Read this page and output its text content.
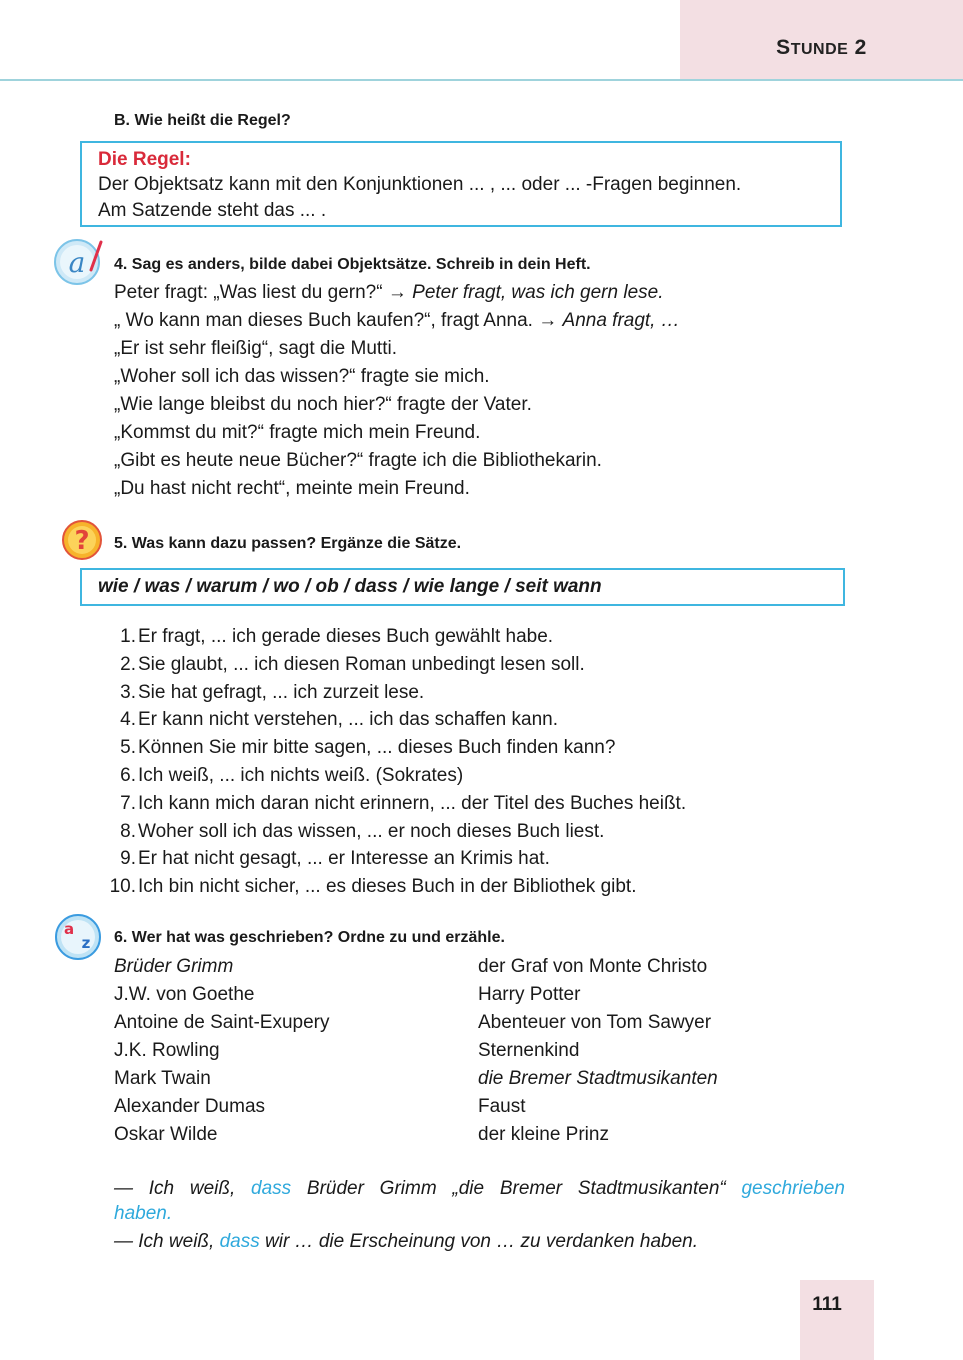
STUNDE 2
B. Wie heißt die Regel?
Die Regel:
Der Objektsatz kann mit den Konjunktionen ... , ... oder ... -Fragen beginnen.
Am Satzende steht das ... .
a 4. Sag es anders, bilde dabei Objektsätze. Schreib in dein Heft.
Peter fragt: „Was liest du gern?“ → Peter fragt, was ich gern lese.
„ Wo kann man dieses Buch kaufen?“, fragt Anna. → Anna fragt, …
„Er ist sehr fleißig“, sagt die Mutti.
„Woher soll ich das wissen?“ fragte sie mich.
„Wie lange bleibst du noch hier?“ fragte der Vater.
„Kommst du mit?“ fragte mich mein Freund.
„Gibt es heute neue Bücher?“ fragte ich die Bibliothekarin.
„Du hast nicht recht“, meinte mein Freund.
? 5. Was kann dazu passen? Ergänze die Sätze.
wie / was / warum / wo / ob / dass / wie lange / seit wann
1. Er fragt, ... ich gerade dieses Buch gewählt habe.
2. Sie glaubt, ... ich diesen Roman unbedingt lesen soll.
3. Sie hat gefragt, ... ich zurzeit lese.
4. Er kann nicht verstehen, ... ich das schaffen kann.
5. Können Sie mir bitte sagen, ... dieses Buch finden kann?
6. Ich weiß, ... ich nichts weiß. (Sokrates)
7. Ich kann mich daran nicht erinnern, ... der Titel des Buches heißt.
8. Woher soll ich das wissen, ... er noch dieses Buch liest.
9. Er hat nicht gesagt, ... er Interesse an Krimis hat.
10. Ich bin nicht sicher, ... es dieses Buch in der Bibliothek gibt.
a
z 6. Wer hat was geschrieben? Ordne zu und erzähle.
Brüder Grimm
J.W. von Goethe
Antoine de Saint-Exupery
J.K. Rowling
Mark Twain
Alexander Dumas
Oskar Wilde
der Graf von Monte Christo
Harry Potter
Abenteuer von Tom Sawyer
Sternenkind
die Bremer Stadtmusikanten
Faust
der kleine Prinz
— Ich weiß, dass Brüder Grimm „die Bremer Stadtmusikanten“ geschrieben
haben.
— Ich weiß, dass wir … die Erscheinung von … zu verdanken haben.
111
